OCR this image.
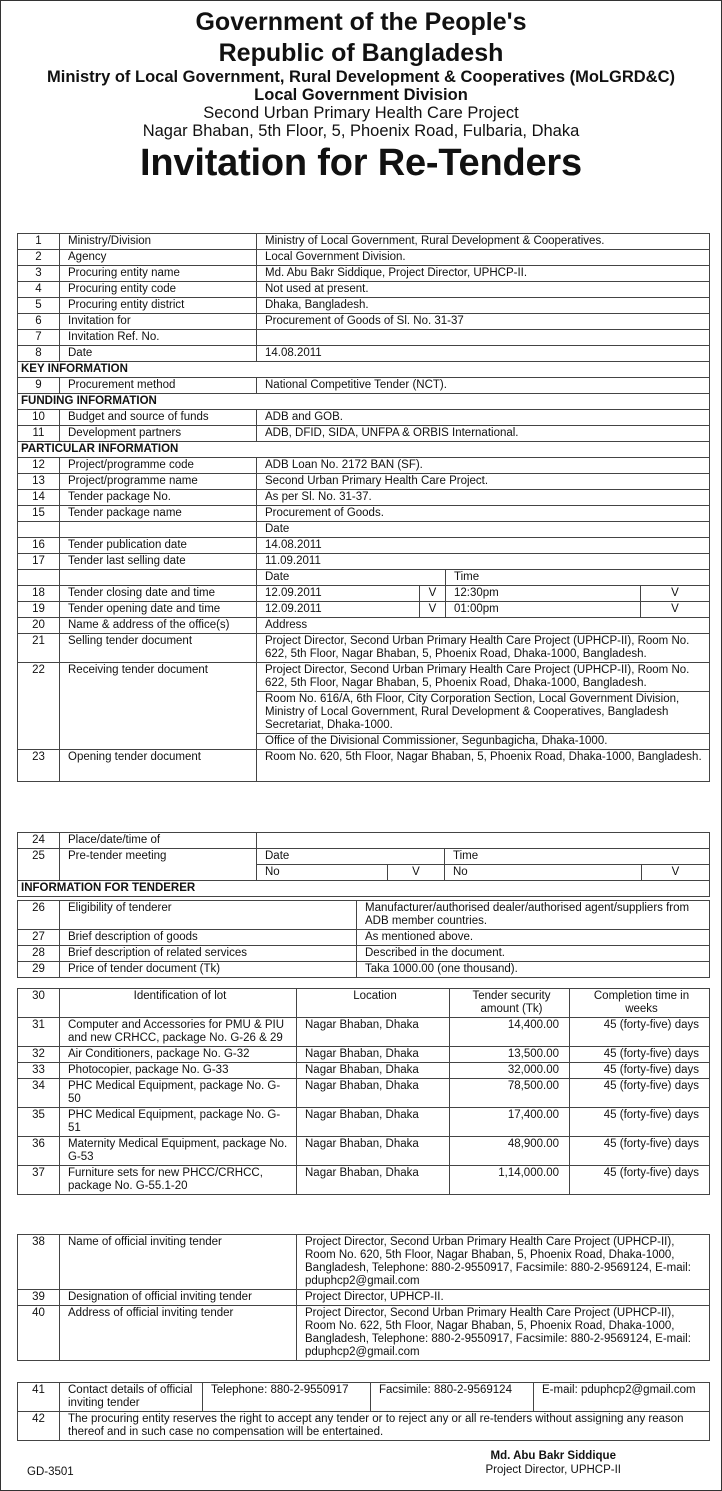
Government of the People's
Republic of Bangladesh
Ministry of Local Government, Rural Development & Cooperatives (MoLGRD&C)
Local Government Division
Second Urban Primary Health Care Project
Nagar Bhaban, 5th Floor, 5, Phoenix Road, Fulbaria, Dhaka
Invitation for Re-Tenders
1	Ministry/Division	Ministry of Local Government, Rural Development & Cooperatives.			
2	Agency	Local Government Division.			
3	Procuring entity name	Md. Abu Bakr Siddique, Project Director, UPHCP-II.			
4	Procuring entity code	Not used at present.			
5	Procuring entity district	Dhaka, Bangladesh.			
6	Invitation for	Procurement of Goods of Sl. No. 31-37			
7	Invitation Ref. No.				
8	Date	14.08.2011			
KEY INFORMATION					
9	Procurement method	National Competitive Tender (NCT).			
FUNDING INFORMATION					
10	Budget and source of funds	ADB and GOB.			
11	Development partners	ADB, DFID, SIDA, UNFPA & ORBIS International.			
PARTICULAR INFORMATION					
12	Project/programme code	ADB Loan No. 2172 BAN (SF).			
13	Project/programme name	Second Urban Primary Health Care Project.			
14	Tender package No.	As per Sl. No. 31-37.			
15	Tender package name	Procurement of Goods.			
		Date			
16	Tender publication date	14.08.2011			
17	Tender last selling date	11.09.2011			
		Date		Time	
18	Tender closing date and time	12.09.2011	V	12:30pm	V
19	Tender opening date and time	12.09.2011	V	01:00pm	V
20	Name & address of the office(s)	Address			
21	Selling tender document	Project Director, Second Urban Primary Health Care Project (UPHCP-II), Room No. 622, 5th Floor, Nagar Bhaban, 5, Phoenix Road, Dhaka-1000, Bangladesh.			
22	Receiving tender document	Project Director, Second Urban Primary Health Care Project (UPHCP-II), Room No. 622, 5th Floor, Nagar Bhaban, 5, Phoenix Road, Dhaka-1000, Bangladesh.			
		Room No. 616/A, 6th Floor, City Corporation Section, Local Government Division, Ministry of Local Government, Rural Development & Cooperatives, Bangladesh Secretariat, Dhaka-1000.			
		Office of the Divisional Commissioner, Segunbagicha, Dhaka-1000.			
23	Opening tender document	Room No. 620, 5th Floor, Nagar Bhaban, 5, Phoenix Road, Dhaka-1000, Bangladesh.			
24	Place/date/time of				
25	Pre-tender meeting	Date		Time	
		No	V	No	V
INFORMATION FOR TENDERER					
26	Eligibility of tenderer	Manufacturer/authorised dealer/authorised agent/suppliers from ADB member countries.
27	Brief description of goods	As mentioned above.
28	Brief description of related services	Described in the document.
29	Price of tender document (Tk)	Taka 1000.00 (one thousand).
30	Identification of lot	Location	Tender security amount (Tk)	Completion time in weeks
31	Computer and Accessories for PMU & PIU and new CRHCC, package No. G-26 & 29	Nagar Bhaban, Dhaka	14,400.00	45 (forty-five) days
32	Air Conditioners, package No. G-32	Nagar Bhaban, Dhaka	13,500.00	45 (forty-five) days
33	Photocopier, package No. G-33	Nagar Bhaban, Dhaka	32,000.00	45 (forty-five) days
34	PHC Medical Equipment, package No. G-50	Nagar Bhaban, Dhaka	78,500.00	45 (forty-five) days
35	PHC Medical Equipment, package No. G-51	Nagar Bhaban, Dhaka	17,400.00	45 (forty-five) days
36	Maternity Medical Equipment, package No. G-53	Nagar Bhaban, Dhaka	48,900.00	45 (forty-five) days
37	Furniture sets for new PHCC/CRHCC, package No. G-55.1-20	Nagar Bhaban, Dhaka	1,14,000.00	45 (forty-five) days
38	Name of official inviting tender	Project Director, Second Urban Primary Health Care Project (UPHCP-II), Room No. 620, 5th Floor, Nagar Bhaban, 5, Phoenix Road, Dhaka-1000, Bangladesh, Telephone: 880-2-9550917, Facsimile: 880-2-9569124, E-mail: pduphcp2@gmail.com
39	Designation of official inviting tender	Project Director, UPHCP-II.
40	Address of official inviting tender	Project Director, Second Urban Primary Health Care Project (UPHCP-II), Room No. 622, 5th Floor, Nagar Bhaban, 5, Phoenix Road, Dhaka-1000, Bangladesh, Telephone: 880-2-9550917, Facsimile: 880-2-9569124, E-mail: pduphcp2@gmail.com
41	Contact details of official inviting tender	Telephone: 880-2-9550917	Facsimile: 880-2-9569124	E-mail: pduphcp2@gmail.com
42	The procuring entity reserves the right to accept any tender or to reject any or all re-tenders without assigning any reason thereof and in such case no compensation will be entertained.			
Md. Abu Bakr Siddique
Project Director, UPHCP-II
GD-3501
